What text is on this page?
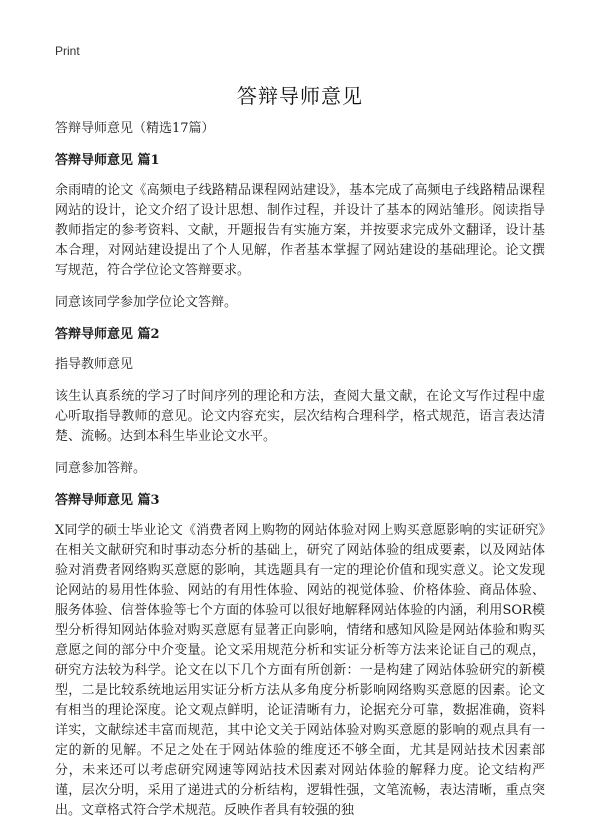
Print
答辩导师意见

答辩导师意见（精选17篇）

答辩导师意见 篇1

余雨晴的论文《高频电子线路精品课程网站建设》，基本完成了高频电子线路精品课程网站的设计，论文介绍了设计思想、制作过程，并设计了基本的网站雏形。阅读指导教师指定的参考资料、文献，开题报告有实施方案，并按要求完成外文翻译，设计基本合理，对网站建设提出了个人见解，作者基本掌握了网站建设的基础理论。论文撰写规范，符合学位论文答辩要求。

同意该同学参加学位论文答辩。

答辩导师意见 篇2

指导教师意见

该生认真系统的学习了时间序列的理论和方法，查阅大量文献，在论文写作过程中虚心听取指导教师的意见。论文内容充实，层次结构合理科学，格式规范，语言表达清楚、流畅。达到本科生毕业论文水平。

同意参加答辩。

答辩导师意见 篇3

X同学的硕士毕业论文《消费者网上购物的网站体验对网上购买意愿影响的实证研究》在相关文献研究和时事动态分析的基础上，研究了网站体验的组成要素，以及网站体验对消费者网络购买意愿的影响，其选题具有一定的理论价值和现实意义。论文发现论网站的易用性体验、网站的有用性体验、网站的视觉体验、价格体验、商品体验、服务体验、信誉体验等七个方面的体验可以很好地解释网站体验的内涵，利用SOR模型分析得知网站体验对购买意愿有显著正向影响，情绪和感知风险是网站体验和购买意愿之间的部分中介变量。论文采用规范分析和实证分析等方法来论证自己的观点，研究方法较为科学。论文在以下几个方面有所创新：一是构建了网站体验研究的新模型，二是比较系统地运用实证分析方法从多角度分析影响网络购买意愿的因素。论文有相当的理论深度。论文观点鲜明，论证清晰有力，论据充分可靠，数据准确，资料详实，文献综述丰富而规范，其中论文关于网站体验对购买意愿的影响的观点具有一定的新的见解。不足之处在于网站体验的维度还不够全面，尤其是网站技术因素部分，未来还可以考虑研究网速等网站技术因素对网站体验的解释力度。论文结构严谨，层次分明，采用了递进式的分析结构，逻辑性强，文笔流畅，表达清晰，重点突出。文章格式符合学术规范。反映作者具有较强的独
